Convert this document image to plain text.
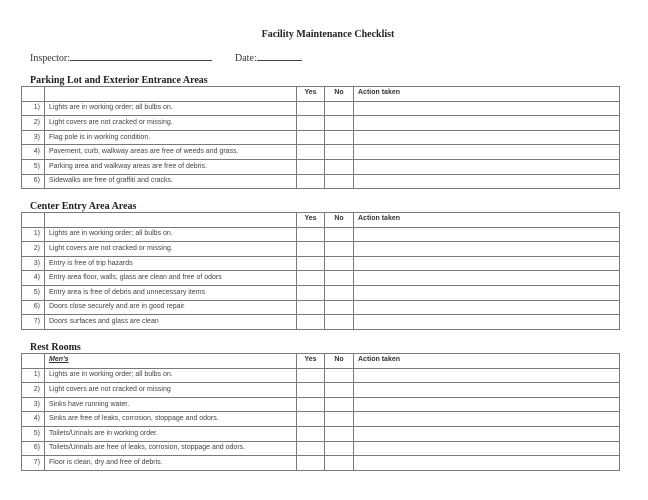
Facility Maintenance Checklist
Inspector:	Date:
Parking Lot and Exterior Entrance Areas
		Yes	No	Action taken
1)	Lights are in working order; all bulbs on.			
2)	Light covers are not cracked or missing.			
3)	Flag pole is in working condition.			
4)	Pavement, curb, walkway areas are free of weeds and grass.			
5)	Parking area and walkway areas are free of debris.			
6)	Sidewalks are free of graffiti and cracks.			
Center Entry Area Areas
		Yes	No	Action taken
1)	Lights are in working order; all bulbs on.			
2)	Light covers are not cracked or missing.			
3)	Entry is free of trip hazards			
4)	Entry area floor, walls, glass are clean and free of odors			
5)	Entry area is free of debris and unnecessary items			
6)	Doors close securely and are in good repair			
7)	Doors surfaces and glass are clean			
Rest Rooms
	Men's	Yes	No	Action taken
1)	Lights are in working order; all bulbs on.			
2)	Light covers are not cracked or missing			
3)	Sinks have running water.			
4)	Sinks are free of leaks, corrosion, stoppage and odors.			
5)	Toilets/Urinals are in working order.			
6)	Toilets/Urinals are free of leaks, corrosion, stoppage and odors.			
7)	Floor is clean, dry and free of debris.			
